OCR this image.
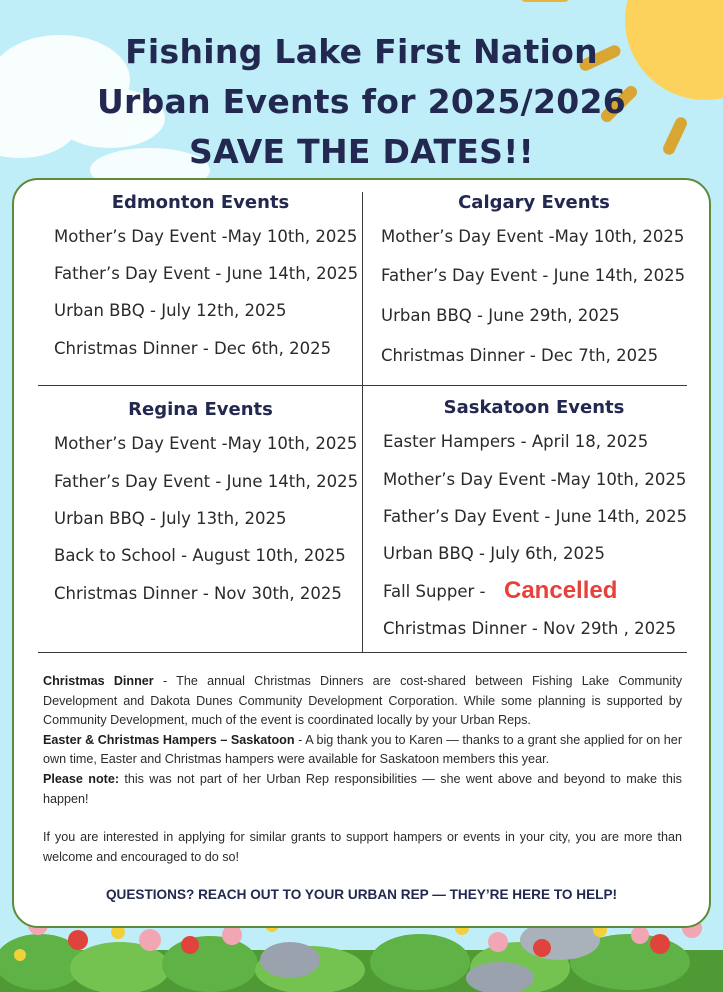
Fishing Lake First Nation
Urban Events for 2025/2026
SAVE THE DATES!!
Edmonton Events
Mother’s Day Event -May 10th, 2025
Father’s Day Event - June 14th, 2025
Urban BBQ - July 12th, 2025
Christmas Dinner - Dec 6th, 2025
Calgary Events
Mother’s Day Event -May 10th, 2025
Father’s Day Event - June 14th, 2025
Urban BBQ - June 29th, 2025
Christmas Dinner - Dec 7th, 2025
Regina Events
Mother’s Day Event -May 10th, 2025
Father’s Day Event - June 14th, 2025
Urban BBQ - July 13th, 2025
Back to School - August 10th, 2025
Christmas Dinner - Nov 30th, 2025
Saskatoon Events
Easter Hampers - April 18, 2025
Mother’s Day Event -May 10th, 2025
Father’s Day Event - June 14th, 2025
Urban BBQ - July 6th, 2025
Fall Supper - Cancelled
Christmas Dinner - Nov 29th , 2025

Christmas Dinner - The annual Christmas Dinners are cost-shared between Fishing Lake Community Development and Dakota Dunes Community Development Corporation. While some planning is supported by Community Development, much of the event is coordinated locally by your Urban Reps.

Easter & Christmas Hampers – Saskatoon - A big thank you to Karen — thanks to a grant she applied for on her own time, Easter and Christmas hampers were available for Saskatoon members this year.

Please note: this was not part of her Urban Rep responsibilities — she went above and beyond to make this happen!

If you are interested in applying for similar grants to support hampers or events in your city, you are more than welcome and encouraged to do so!

QUESTIONS? REACH OUT TO YOUR URBAN REP — THEY’RE HERE TO HELP!
